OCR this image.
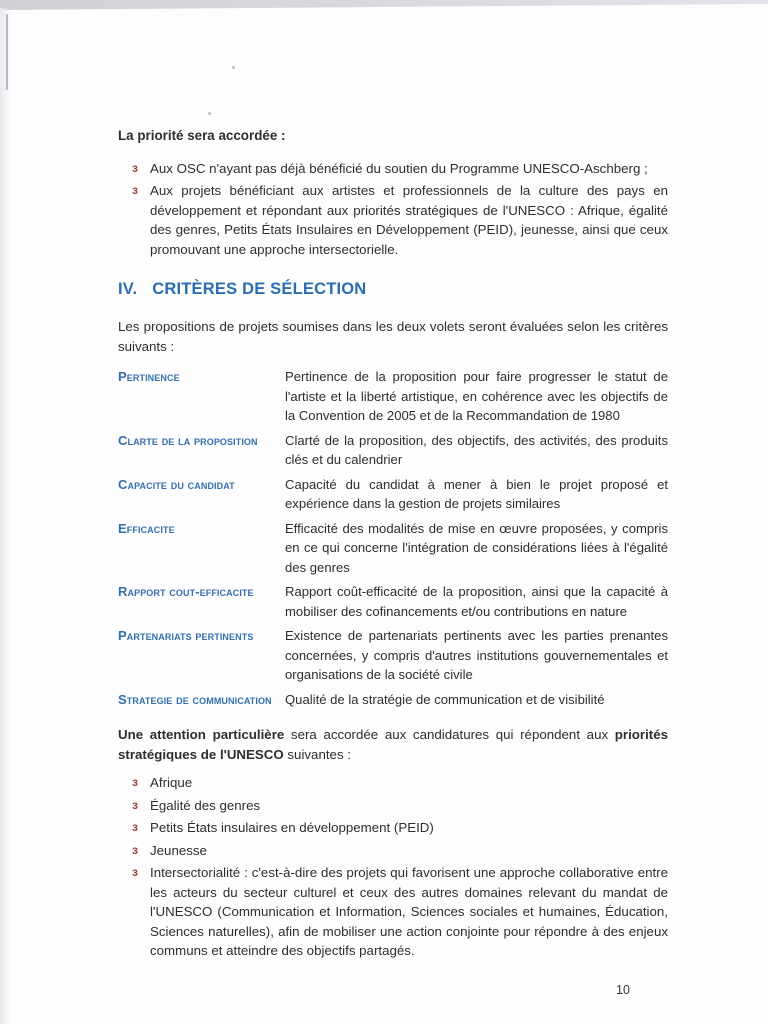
La priorité sera accordée :

ɜ Aux OSC n'ayant pas déjà bénéficié du soutien du Programme UNESCO-Aschberg ;
ɜ Aux projets bénéficiant aux artistes et professionnels de la culture des pays en développement et répondant aux priorités stratégiques de l'UNESCO : Afrique, égalité des genres, Petits États Insulaires en Développement (PEID), jeunesse, ainsi que ceux promouvant une approche intersectorielle.
IV. CRITÈRES DE SÉLECTION

Les propositions de projets soumises dans les deux volets seront évaluées selon les critères suivants :

Pertinence	Pertinence de la proposition pour faire progresser le statut de l'artiste et la liberté artistique, en cohérence avec les objectifs de la Convention de 2005 et de la Recommandation de 1980
Clarte de la proposition	Clarté de la proposition, des objectifs, des activités, des produits clés et du calendrier
Capacite du candidat	Capacité du candidat à mener à bien le projet proposé et expérience dans la gestion de projets similaires
Efficacite	Efficacité des modalités de mise en œuvre proposées, y compris en ce qui concerne l'intégration de considérations liées à l'égalité des genres
Rapport cout-efficacite	Rapport coût-efficacité de la proposition, ainsi que la capacité à mobiliser des cofinancements et/ou contributions en nature
Partenariats pertinents	Existence de partenariats pertinents avec les parties prenantes concernées, y compris d'autres institutions gouvernementales et organisations de la société civile
Strategie de communication	Qualité de la stratégie de communication et de visibilité

Une attention particulière sera accordée aux candidatures qui répondent aux priorités stratégiques de l'UNESCO suivantes :

ɜ Afrique
ɜ Égalité des genres
ɜ Petits États insulaires en développement (PEID)
ɜ Jeunesse
ɜ Intersectorialité : c'est-à-dire des projets qui favorisent une approche collaborative entre les acteurs du secteur culturel et ceux des autres domaines relevant du mandat de l'UNESCO (Communication et Information, Sciences sociales et humaines, Éducation, Sciences naturelles), afin de mobiliser une action conjointe pour répondre à des enjeux communs et atteindre des objectifs partagés.
10
